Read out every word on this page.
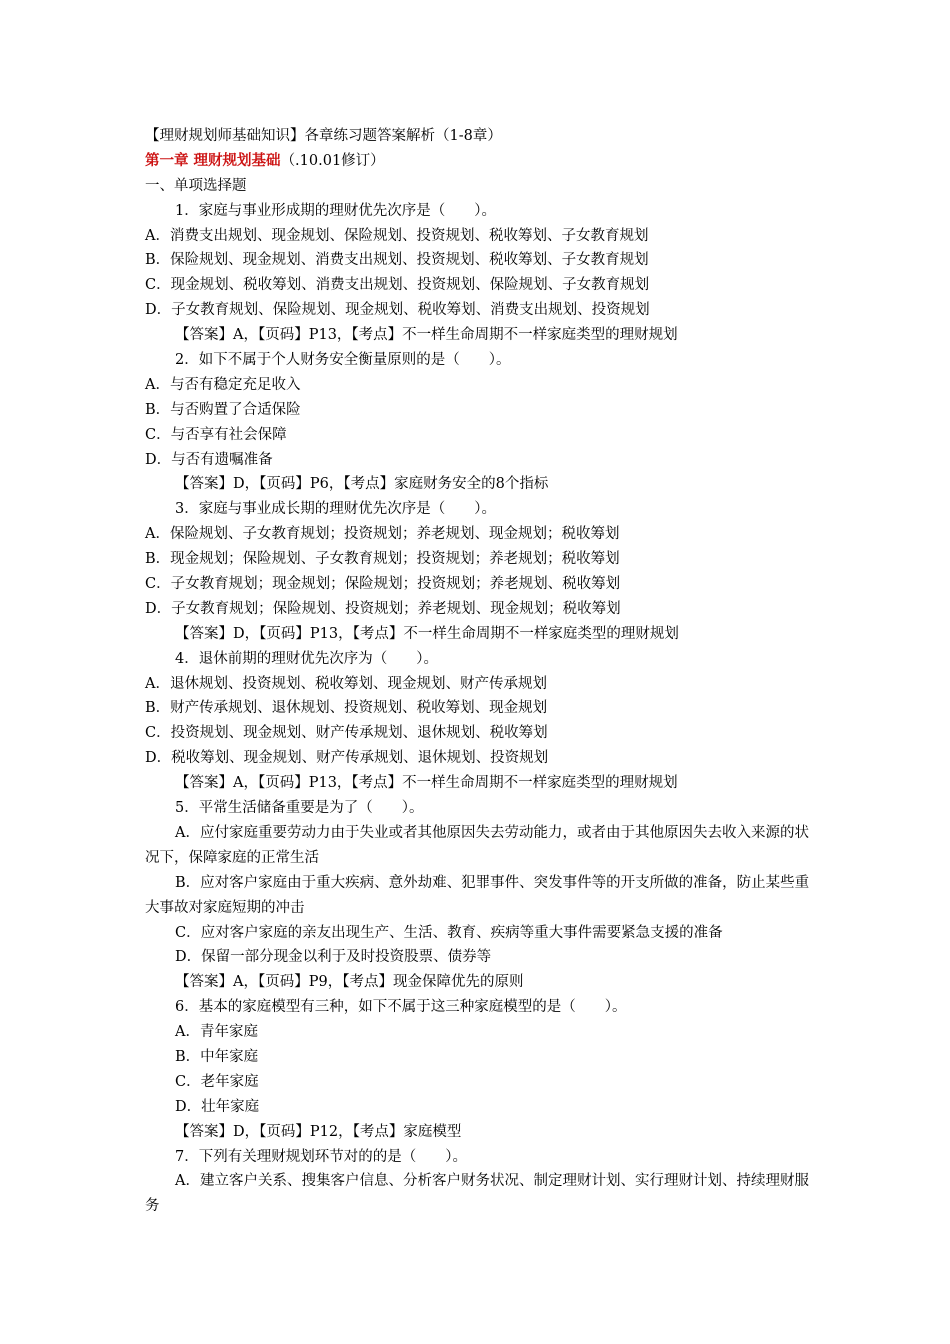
【理财规划师基础知识】各章练习题答案解析（1-8章）
第一章 理财规划基础（.10.01修订）
一、单项选择题
1．家庭与事业形成期的理财优先次序是（　　）。
A．消费支出规划、现金规划、保险规划、投资规划、税收筹划、子女教育规划
B．保险规划、现金规划、消费支出规划、投资规划、税收筹划、子女教育规划
C．现金规划、税收筹划、消费支出规划、投资规划、保险规划、子女教育规划
D．子女教育规划、保险规划、现金规划、税收筹划、消费支出规划、投资规划
【答案】A，【页码】P13，【考点】不一样生命周期不一样家庭类型的理财规划
2．如下不属于个人财务安全衡量原则的是（　　）。
A．与否有稳定充足收入
B．与否购置了合适保险
C．与否享有社会保障
D．与否有遗嘱准备
【答案】D，【页码】P6，【考点】家庭财务安全的8个指标
3．家庭与事业成长期的理财优先次序是（　　）。
A．保险规划、子女教育规划；投资规划；养老规划、现金规划；税收筹划
B．现金规划；保险规划、子女教育规划；投资规划；养老规划；税收筹划
C．子女教育规划；现金规划；保险规划；投资规划；养老规划、税收筹划
D．子女教育规划；保险规划、投资规划；养老规划、现金规划；税收筹划
【答案】D，【页码】P13，【考点】不一样生命周期不一样家庭类型的理财规划
4．退休前期的理财优先次序为（　　）。
A．退休规划、投资规划、税收筹划、现金规划、财产传承规划
B．财产传承规划、退休规划、投资规划、税收筹划、现金规划
C．投资规划、现金规划、财产传承规划、退休规划、税收筹划
D．税收筹划、现金规划、财产传承规划、退休规划、投资规划
【答案】A，【页码】P13，【考点】不一样生命周期不一样家庭类型的理财规划
5．平常生活储备重要是为了（　　）。
A．应付家庭重要劳动力由于失业或者其他原因失去劳动能力，或者由于其他原因失去收入来源的状况下，保障家庭的正常生活
B．应对客户家庭由于重大疾病、意外劫难、犯罪事件、突发事件等的开支所做的准备，防止某些重大事故对家庭短期的冲击
C．应对客户家庭的亲友出现生产、生活、教育、疾病等重大事件需要紧急支援的准备
D．保留一部分现金以利于及时投资股票、债券等
【答案】A，【页码】P9，【考点】现金保障优先的原则
6．基本的家庭模型有三种，如下不属于这三种家庭模型的是（　　）。
A．青年家庭
B．中年家庭
C．老年家庭
D．壮年家庭
【答案】D，【页码】P12，【考点】家庭模型
7．下列有关理财规划环节对的的是（　　）。
A．建立客户关系、搜集客户信息、分析客户财务状况、制定理财计划、实行理财计划、持续理财服务
